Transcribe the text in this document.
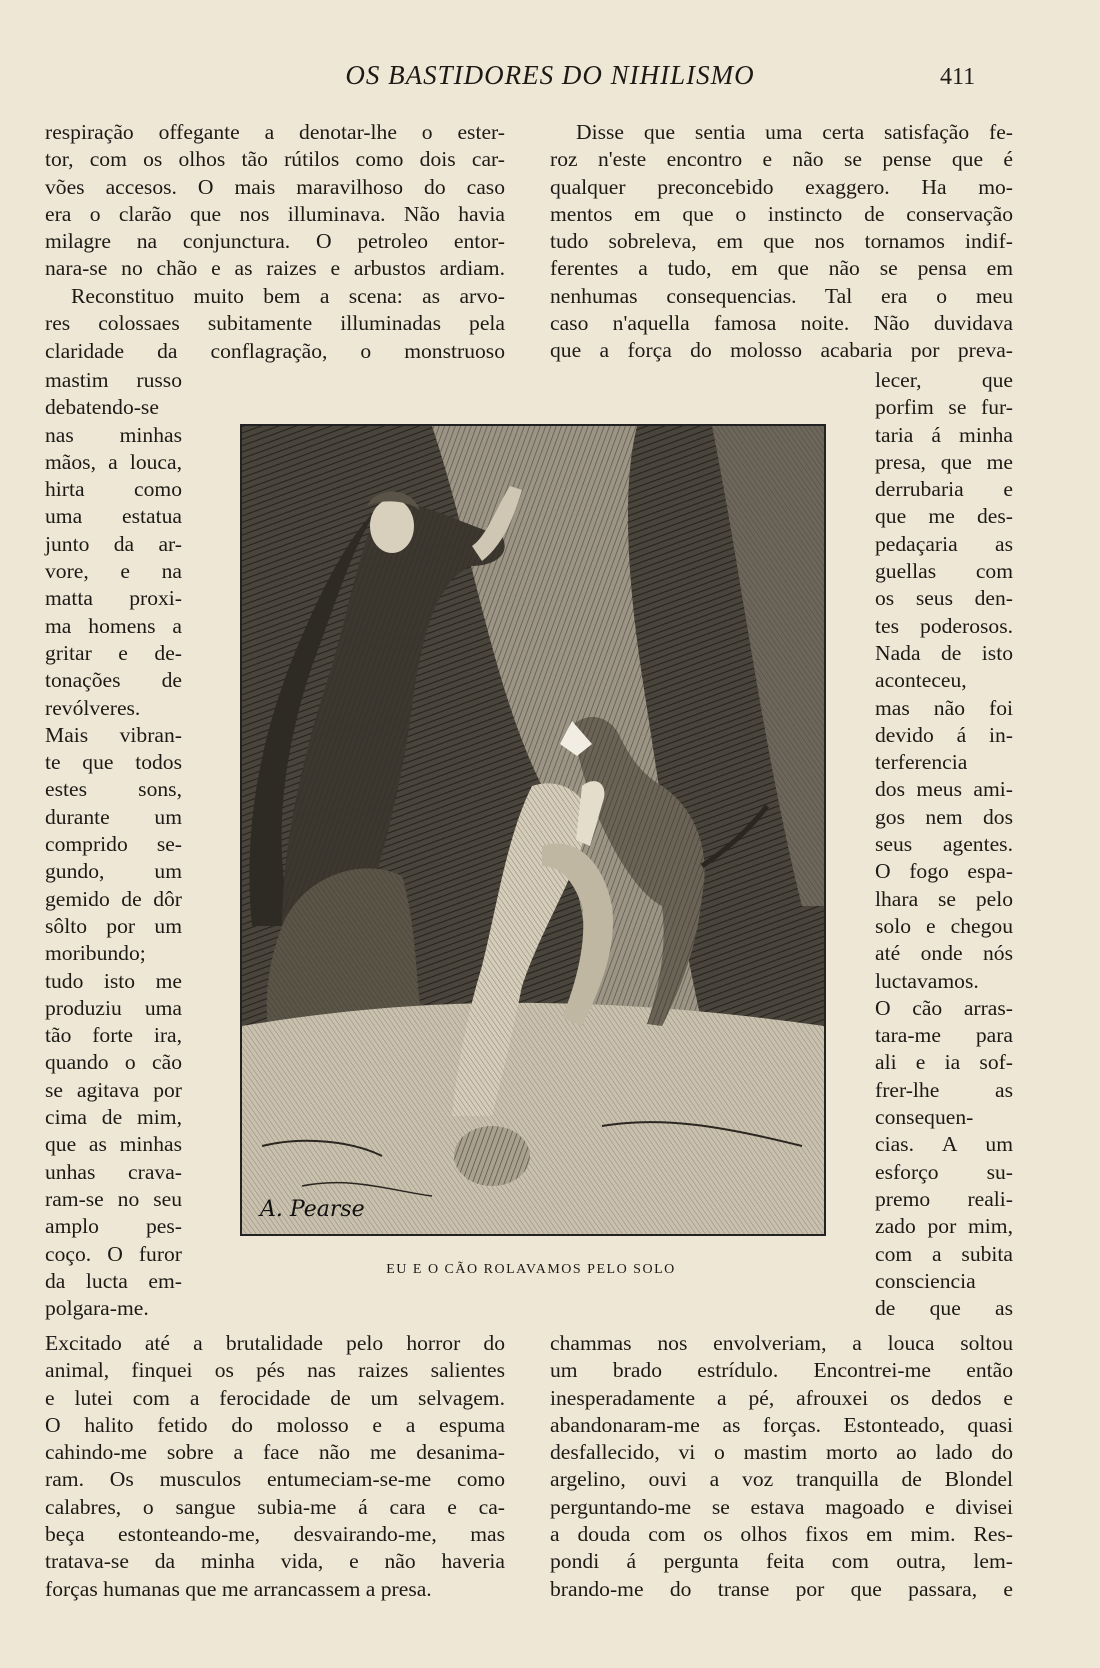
OS BASTIDORES DO NIHILISMO	411

respiração offegante a denotar-lhe o ester-
tor, com os olhos tão rútilos como dois car-
vões accesos. O mais maravilhoso do caso
era o clarão que nos illuminava. Não havia
milagre na conjunctura. O petroleo entor-
nara-se no chão e as raizes e arbustos ardiam.

Reconstituo muito bem a scena: as arvo-
res colossaes subitamente illuminadas pela
claridade da conflagração, o monstruoso

mastim russo
debatendo-se
nas minhas
mãos, a louca,
hirta como
uma estatua
junto da ar-
vore, e na
matta proxi-
ma homens a
gritar e de-
tonações de
revólveres.
Mais vibran-
te que todos
estes sons,
durante um
comprido se-
gundo, um
gemido de dôr
sôlto por um
moribundo;
tudo isto me
produziu uma
tão forte ira,
quando o cão
se agitava por
cima de mim,
que as minhas
unhas crava-
ram-se no seu
amplo pes-
coço. O furor
da lucta em-
polgara-me.

Excitado até a brutalidade pelo horror do
animal, finquei os pés nas raizes salientes
e lutei com a ferocidade de um selvagem.
O halito fetido do molosso e a espuma
cahindo-me sobre a face não me desanima-
ram. Os musculos entumeciam-se-me como
calabres, o sangue subia-me á cara e ca-
beça estonteando-me, desvairando-me, mas
tratava-se da minha vida, e não haveria
forças humanas que me arrancassem a presa.

Disse que sentia uma certa satisfação fe-
roz n'este encontro e não se pense que é
qualquer preconcebido exaggero. Ha mo-
mentos em que o instincto de conservação
tudo sobreleva, em que nos tornamos indif-
ferentes a tudo, em que não se pensa em
nenhumas consequencias. Tal era o meu
caso n'aquella famosa noite. Não duvidava
que a força do molosso acabaria por preva-

lecer, que
porfim se fur-
taria á minha
presa, que me
derrubaria e
que me des-
pedaçaria as
guellas com
os seus den-
tes poderosos.
Nada de isto
aconteceu,
mas não foi
devido á in-
terferencia
dos meus ami-
gos nem dos
seus agentes.
O fogo espa-
lhara se pelo
solo e chegou
até onde nós
luctavamos.
O cão arras-
tara-me para
ali e ia sof-
frer-lhe as
consequen-
cias. A um
esforço su-
premo reali-
zado por mim,
com a subita
consciencia
de que as

chammas nos envolveriam, a louca soltou
um brado estrídulo. Encontrei-me então
inesperadamente a pé, afrouxei os dedos e
abandonaram-me as forças. Estonteado, quasi
desfallecido, vi o mastim morto ao lado do
argelino, ouvi a voz tranquilla de Blondel
perguntando-me se estava magoado e divisei
a douda com os olhos fixos em mim. Res-
pondi á pergunta feita com outra, lem-
brando-me do transe por que passara, e

A. Pearse
EU E O CÃO ROLAVAMOS PELO SOLO
